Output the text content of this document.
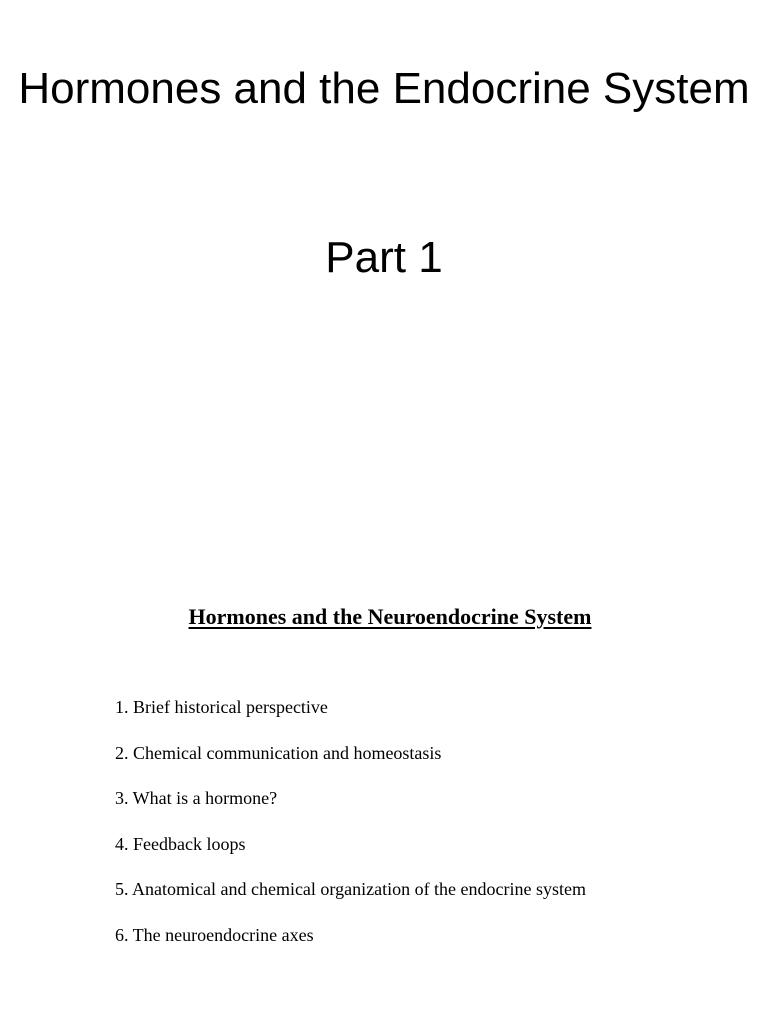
Hormones and the Endocrine System
Part 1
Hormones and the Neuroendocrine System
1. Brief historical perspective
2. Chemical communication and homeostasis
3. What is a hormone?
4. Feedback loops
5. Anatomical and chemical organization of the endocrine system
6. The neuroendocrine axes
